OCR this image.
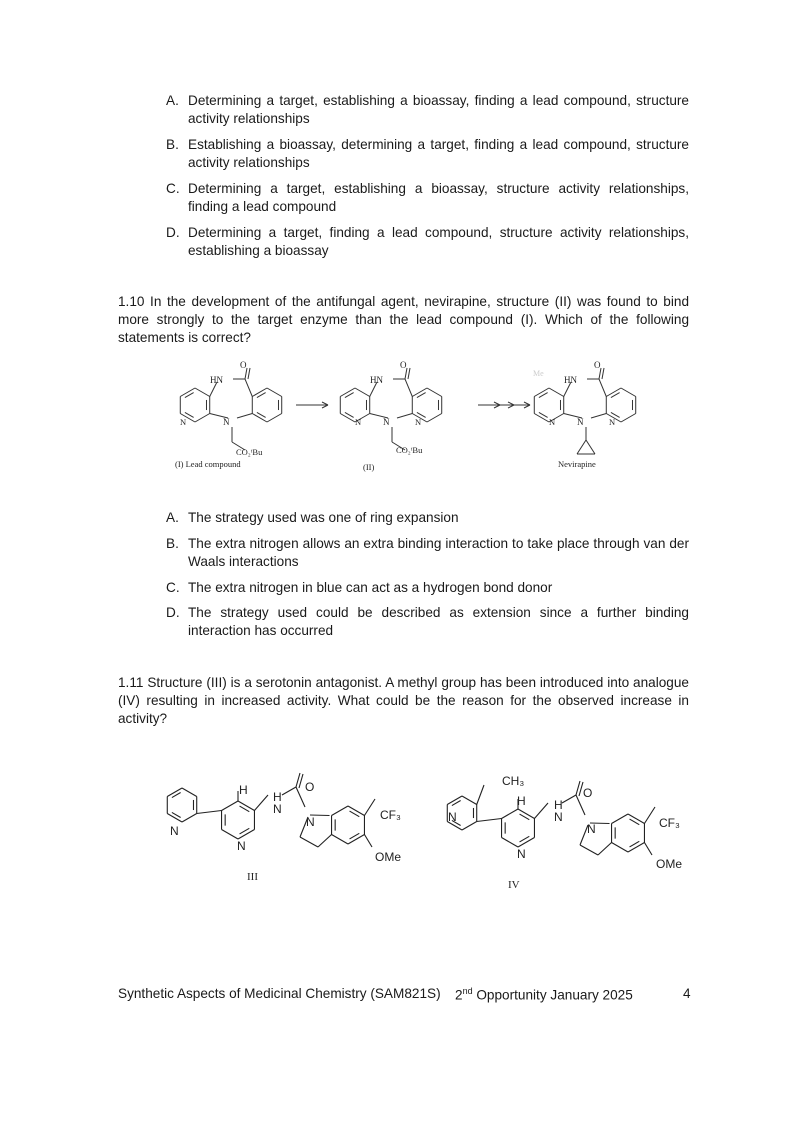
A. Determining a target, establishing a bioassay, finding a lead compound, structure activity relationships
B. Establishing a bioassay, determining a target, finding a lead compound, structure activity relationships
C. Determining a target, establishing a bioassay, structure activity relationships, finding a lead compound
D. Determining a target, finding a lead compound, structure activity relationships, establishing a bioassay
1.10 In the development of the antifungal agent, nevirapine, structure (II) was found to bind more strongly to the target enzyme than the lead compound (I). Which of the following statements is correct?
HN
O
N	N
CO₂ᵗBu
(I) Lead compound
HN
O
N N	N
CO₂ᵗBu
(II)
Me
HN
O
N N	N
Nevirapine
A. The strategy used was one of ring expansion
B. The extra nitrogen allows an extra binding interaction to take place through van der Waals interactions
C. The extra nitrogen in blue can act as a hydrogen bond donor
D. The strategy used could be described as extension since a further binding interaction has occurred
1.11 Structure (III) is a serotonin antagonist. A methyl group has been introduced into analogue (IV) resulting in increased activity. What could be the reason for the observed increase in activity?
N
H
N
H
N
O
N	CF₃
OMe
III
N
CH₃
H
N
H
N
O
N	CF₃
OMe
IV
Synthetic Aspects of Medicinal Chemistry (SAM821S) 2nd Opportunity January 2025	4
